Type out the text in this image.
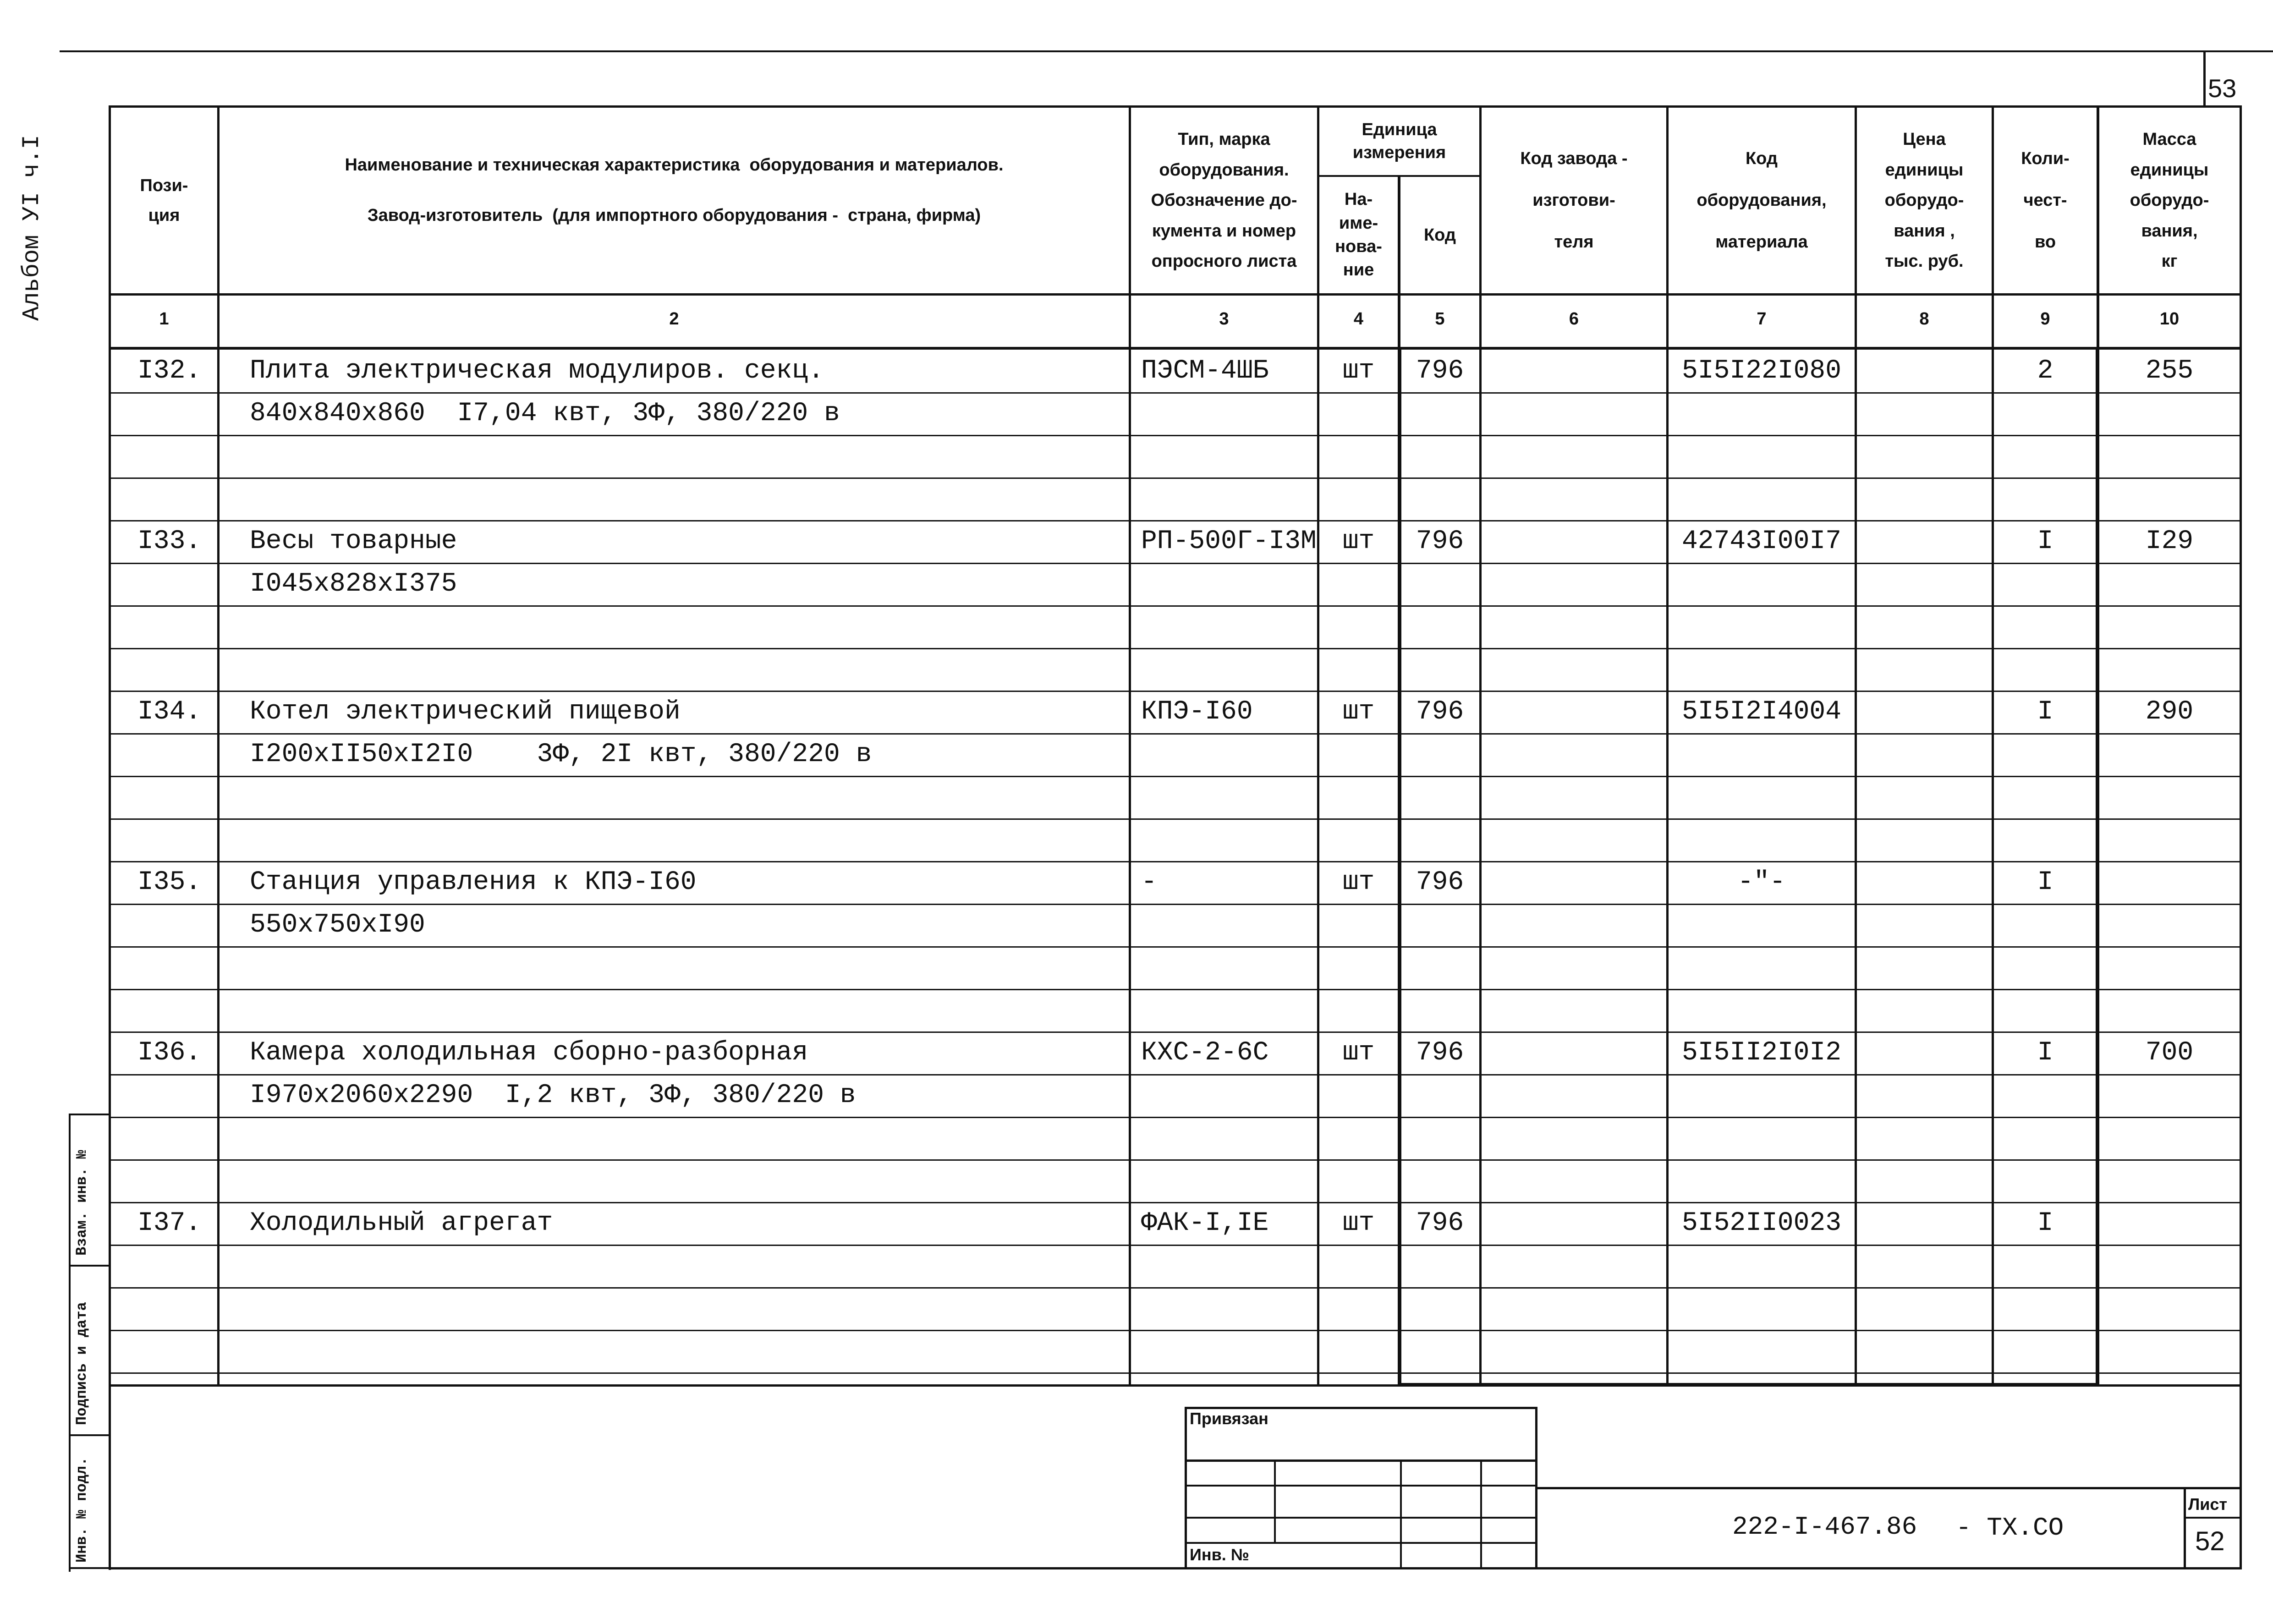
53
Альбом УI ч.I	Пози-
ция
Наименование и техническая характеристика  оборудования и материалов.
Завод-изготовитель  (для импортного оборудования -  страна, фирма)
Тип, марка
оборудования.
Обозначение до-
кумента и номер
опросного листа
Единица
измерения
На-
име-
нова-
ние
Код
Код завода -
изготови-
теля
Код
оборудования,
материала
Цена
единицы
оборудо-
вания ,
тыс. руб.
Коли-
чест-
во
Масса
единицы
оборудо-
вания,
кг
1	2	3	4	5	6	7	8	9	10
I32.	Плита электрическая модулиров. секц.	ПЭСМ-4ШБ	шт	796	5I5I22I080	2	255
840х840х860  I7,04 квт, 3Ф, 380/220 в
I33.	Весы товарные	РП-500Г-I3М шт	796	42743I00I7	I	I29
I045х828хI375
I34.	Котел электрический пищевой	КПЭ-I60	шт	796	5I5I2I4004	I	290
I200хII50хI2I0    3Ф, 2I квт, 380/220 в
I35.	Станция управления к КПЭ-I60	-	шт	796	-"-	I
550х750хI90
I36.	Камера холодильная сборно-разборная	КХС-2-6С	шт	796	5I5II2I0I2	I	700
I970х2060х2290  I,2 квт, 3Ф, 380/220 в
I37.	Холодильный агрегат	ФАК-I,IЕ	шт	796	5I52II0023	I
Взам. инв. №
Подпись и дата
Инв. № подл.
Привязан
Инв. №
222-I-467.86 - ТХ.СО
Лист
52
